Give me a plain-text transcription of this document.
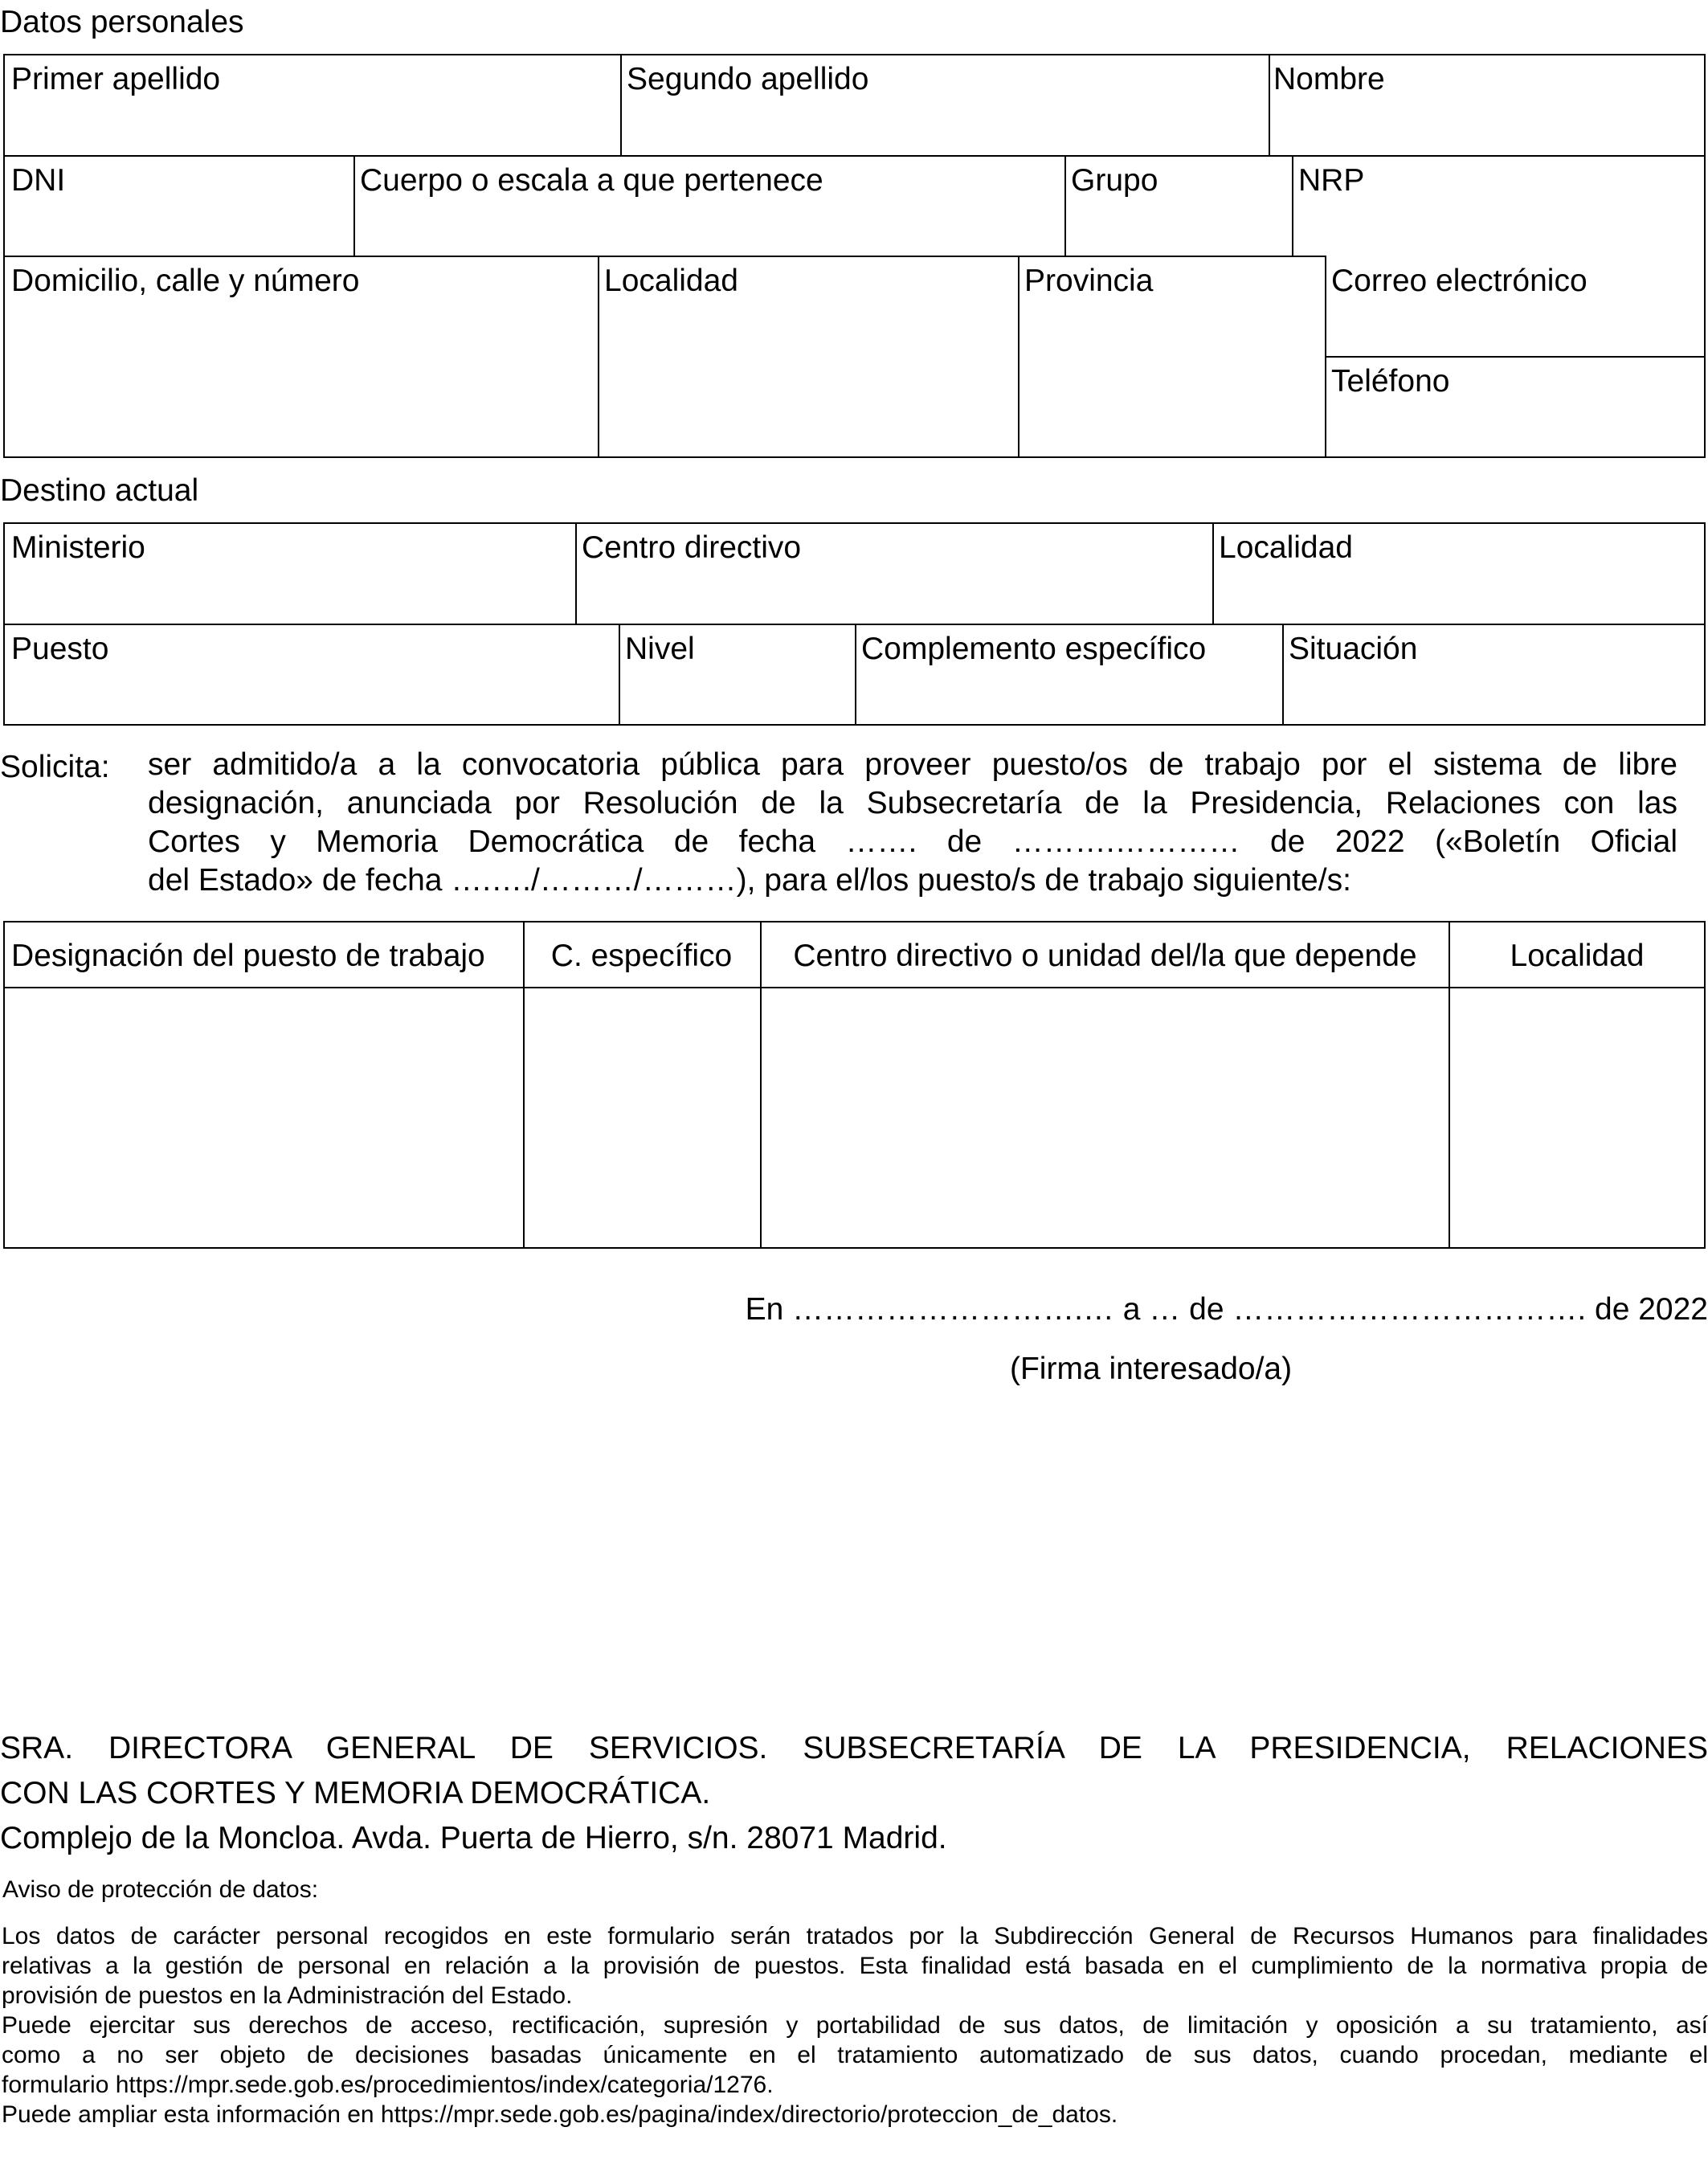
Datos personales
Primer apellido	Segundo apellido	Nombre
DNI	Cuerpo o escala a que pertenece	Grupo	NRP
Domicilio, calle y número	Localidad	Provincia	Correo electrónico
Teléfono
Destino actual
Ministerio	Centro directivo	Localidad
Puesto	Nivel	Complemento específico	Situación
Solicita: ser admitido/a a la convocatoria pública para proveer puesto/os de trabajo por el sistema de libre
designación, anunciada por Resolución de la Subsecretaría de la Presidencia, Relaciones con las
Cortes y Memoria Democrática de fecha ……. de ……….………… de 2022 («Boletín Oficial
del Estado» de fecha ….…./………/………), para el/los puesto/s de trabajo siguiente/s:
Designación del puesto de trabajo	C. específico	Centro directivo o unidad del/la que depende	Localidad
En ……………………….… a … de ……………………………. de 2022
(Firma interesado/a)
SRA. DIRECTORA GENERAL DE SERVICIOS. SUBSECRETARÍA DE LA PRESIDENCIA, RELACIONES
CON LAS CORTES Y MEMORIA DEMOCRÁTICA.
Complejo de la Moncloa. Avda. Puerta de Hierro, s/n. 28071 Madrid.
Aviso de protección de datos:
Los datos de carácter personal recogidos en este formulario serán tratados por la Subdirección General de Recursos Humanos para finalidades
relativas a la gestión de personal en relación a la provisión de puestos. Esta finalidad está basada en el cumplimiento de la normativa propia de
provisión de puestos en la Administración del Estado.
Puede ejercitar sus derechos de acceso, rectificación, supresión y portabilidad de sus datos, de limitación y oposición a su tratamiento, así
como a no ser objeto de decisiones basadas únicamente en el tratamiento automatizado de sus datos, cuando procedan, mediante el
formulario https://mpr.sede.gob.es/procedimientos/index/categoria/1276.
Puede ampliar esta información en https://mpr.sede.gob.es/pagina/index/directorio/proteccion_de_datos.
